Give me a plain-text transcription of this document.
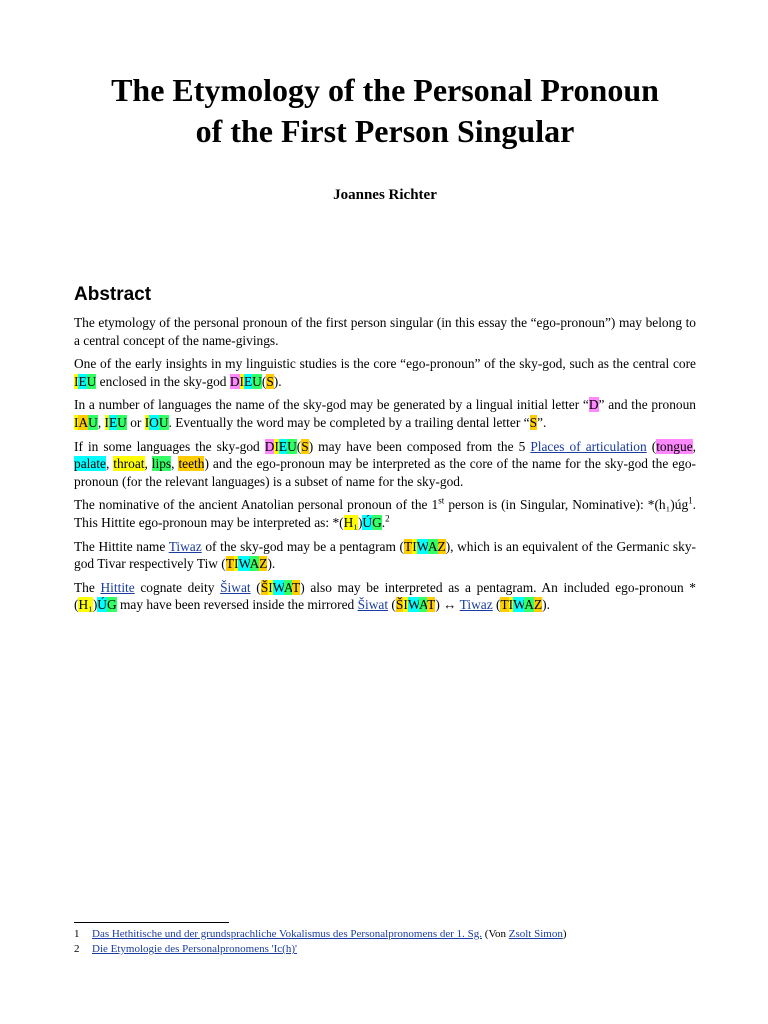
The Etymology of the Personal Pronoun
of the First Person Singular
Joannes Richter
Abstract

The etymology of the personal pronoun of the first person singular (in this essay the “ego-pronoun”) may belong to a central concept of the name-givings.

One of the early insights in my linguistic studies is the core “ego-pronoun” of the sky-god, such as the central core IEU enclosed in the sky-god DIEU(S).

In a number of languages the name of the sky-god may be generated by a lingual initial letter “D” and the pronoun IAU, IEU or IOU. Eventually the word may be completed by a trailing dental letter “S”.

If in some languages the sky-god DIEU(S) may have been composed from the 5 Places of articulation (tongue, palate, throat, lips, teeth) and the ego-pronoun may be interpreted as the core of the name for the sky-god the ego-pronoun (for the relevant languages) is a subset of name for the sky-god.

The nominative of the ancient Anatolian personal pronoun of the 1st person is (in Singular, Nominative): $*(h_1)úg^1$. This Hittite ego-pronoun may be interpreted as: *(H₁)ÚG.$^2$

The Hittite name Tiwaz of the sky-god may be a pentagram (TIWAZ), which is an equivalent of the Germanic sky-god Tivar respectively Tiw (TIWAZ).

The Hittite cognate deity Šiwat (ŠIWAT) also may be interpreted as a pentagram. An included ego-pronoun *(H₁)ÚG may have been reversed inside the mirrored Šiwat (ŠIWAT) ↔ Tiwaz (TIWAZ).

1 Das Hethitische und der grundsprachliche Vokalismus des Personalpronomens der 1. Sg. (Von Zsolt Simon)
2 Die Etymologie des Personalpronomens 'Ic(h)'
